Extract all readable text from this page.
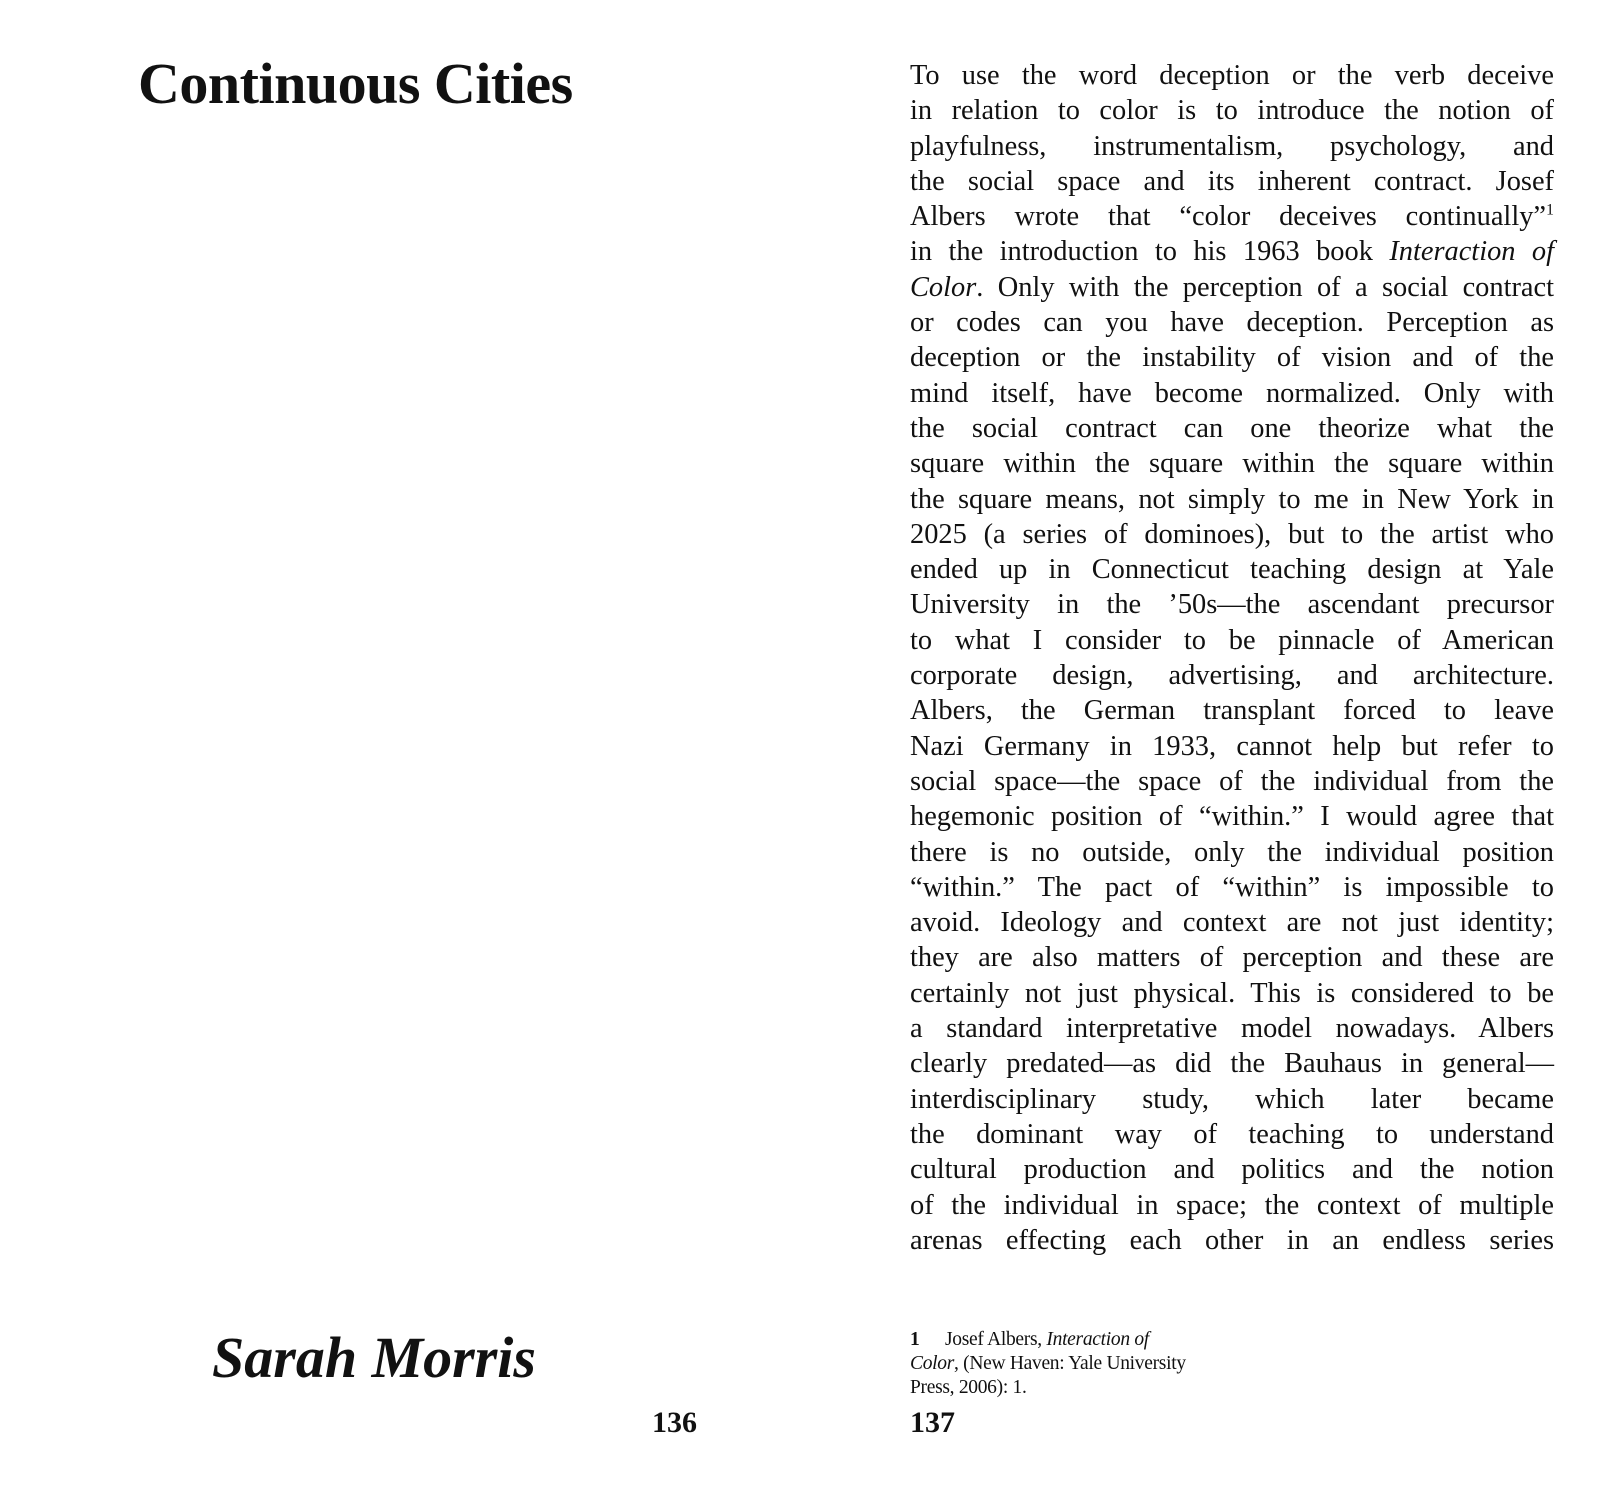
Continuous Cities
Sarah Morris
136

To use the word deception or the verb deceive
in relation to color is to introduce the notion of
playfulness, instrumentalism, psychology, and
the social space and its inherent contract. Josef
Albers wrote that “color deceives continually”$^1$
in the introduction to his 1963 book Interaction of
Color. Only with the perception of a social contract
or codes can you have deception. Perception as
deception or the instability of vision and of the
mind itself, have become normalized. Only with
the social contract can one theorize what the
square within the square within the square within
the square means, not simply to me in New York in
2025 (a series of dominoes), but to the artist who
ended up in Connecticut teaching design at Yale
University in the ’50s—the ascendant precursor
to what I consider to be pinnacle of American
corporate design, advertising, and architecture.
Albers, the German transplant forced to leave
Nazi Germany in 1933, cannot help but refer to
social space—the space of the individual from the
hegemonic position of “within.” I would agree that
there is no outside, only the individual position
“within.” The pact of “within” is impossible to
avoid. Ideology and context are not just identity;
they are also matters of perception and these are
certainly not just physical. This is considered to be
a standard interpretative model nowadays. Albers
clearly predated—as did the Bauhaus in general—
interdisciplinary study, which later became
the dominant way of teaching to understand
cultural production and politics and the notion
of the individual in space; the context of multiple
arenas effecting each other in an endless series

1 Josef Albers, Interaction of
Color, (New Haven: Yale University
Press, 2006): 1.
137
